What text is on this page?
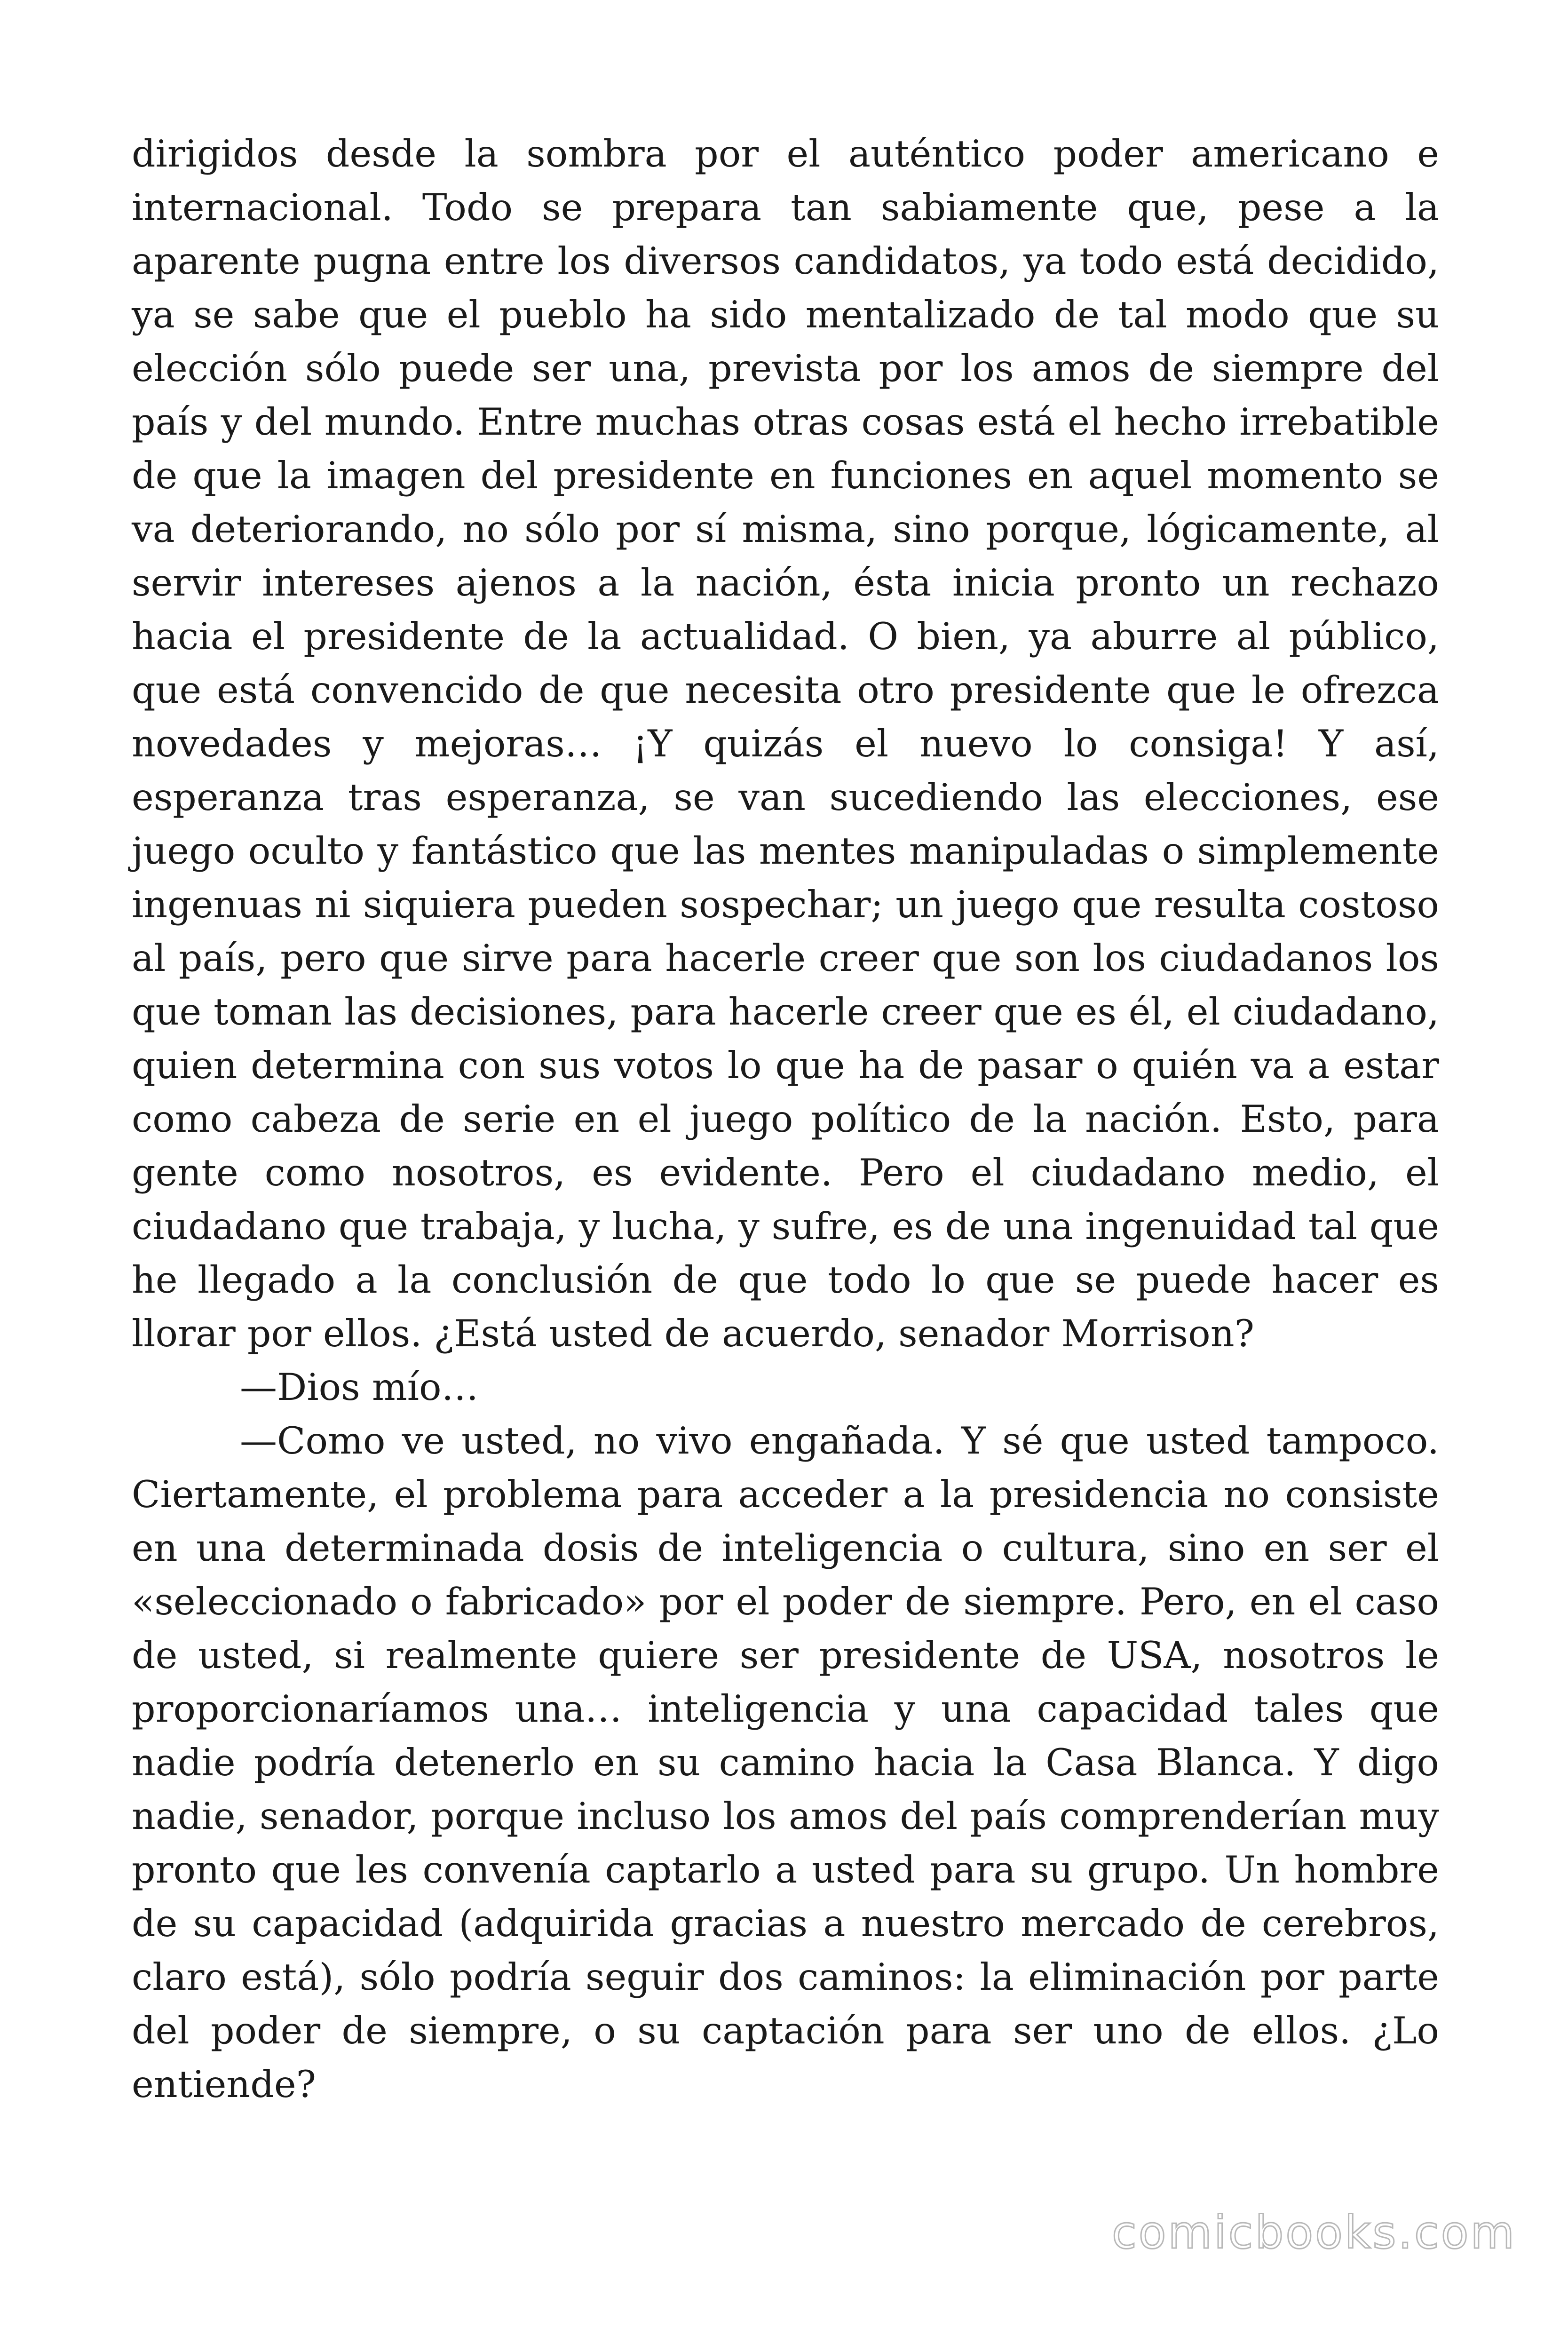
dirigidos desde la sombra por el auténtico poder americano e internacional. Todo se prepara tan sabiamente que, pese a la aparente pugna entre los diversos candidatos, ya todo está decidido, ya se sabe que el pueblo ha sido mentalizado de tal modo que su elección sólo puede ser una, prevista por los amos de siempre del país y del mundo. Entre muchas otras cosas está el hecho irrebatible de que la imagen del presidente en funciones en aquel momento se va deteriorando, no sólo por sí misma, sino porque, lógicamente, al servir intereses ajenos a la nación, ésta inicia pronto un rechazo hacia el presidente de la actualidad. O bien, ya aburre al público, que está convencido de que necesita otro presidente que le ofrezca novedades y mejoras… ¡Y quizás el nuevo lo consiga! Y así, esperanza tras esperanza, se van sucediendo las elecciones, ese juego oculto y fantástico que las mentes manipuladas o simplemente ingenuas ni siquiera pueden sospechar; un juego que resulta costoso al país, pero que sirve para hacerle creer que son los ciudadanos los que toman las decisiones, para hacerle creer que es él, el ciudadano, quien determina con sus votos lo que ha de pasar o quién va a estar como cabeza de serie en el juego político de la nación. Esto, para gente como nosotros, es evidente. Pero el ciudadano medio, el ciudadano que trabaja, y lucha, y sufre, es de una ingenuidad tal que he llegado a la conclusión de que todo lo que se puede hacer es llorar por ellos. ¿Está usted de acuerdo, senador Morrison?

—Dios mío…

—Como ve usted, no vivo engañada. Y sé que usted tampoco. Ciertamente, el problema para acceder a la presidencia no consiste en una determinada dosis de inteligencia o cultura, sino en ser el «seleccionado o fabricado» por el poder de siempre. Pero, en el caso de usted, si realmente quiere ser presidente de USA, nosotros le proporcionaríamos una… inteligencia y una capacidad tales que nadie podría detenerlo en su camino hacia la Casa Blanca. Y digo nadie, senador, porque incluso los amos del país comprenderían muy pronto que les convenía captarlo a usted para su grupo. Un hombre de su capacidad (adquirida gracias a nuestro mercado de cerebros, claro está), sólo podría seguir dos caminos: la eliminación por parte del poder de siempre, o su captación para ser uno de ellos. ¿Lo entiende?

comicbooks.com
